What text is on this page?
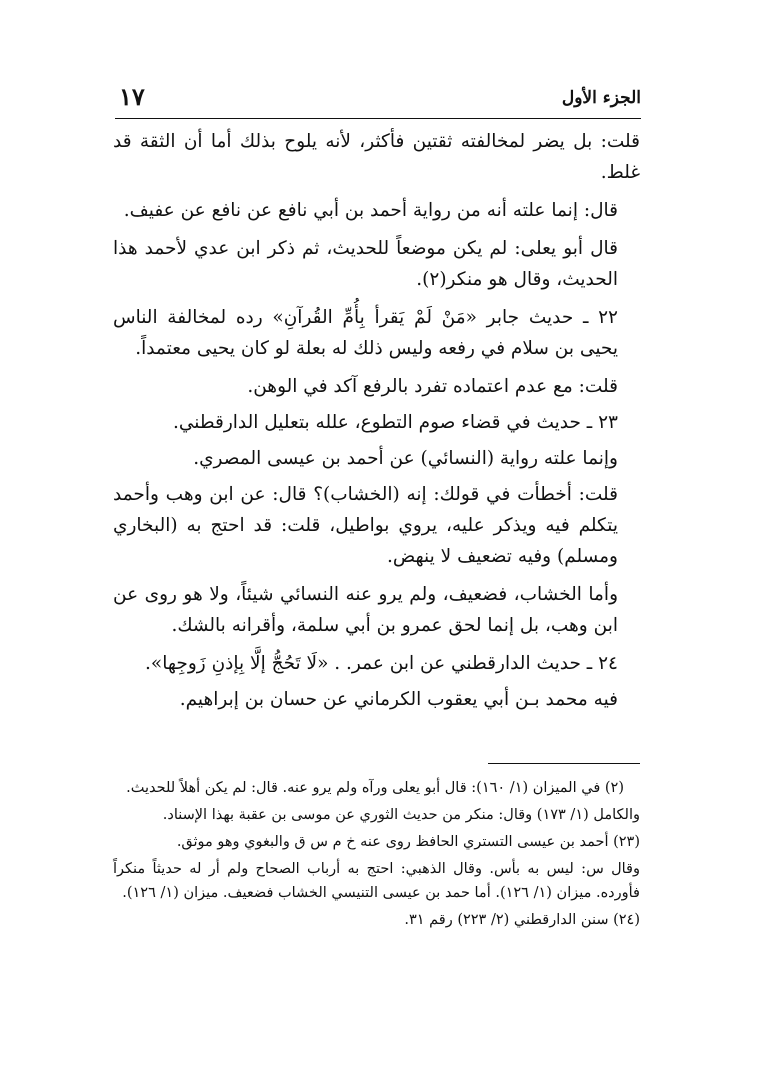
الجزء الأول
١٧

قلت: بل يضر لمخالفته ثقتين فأكثر، لأنه يلوح بذلك أما أن الثقة قد غلط.

قال: إنما علته أنه من رواية أحمد بن أبي نافع عن نافع عن عفيف.

قال أبو يعلى: لم يكن موضعاً للحديث، ثم ذكر ابن عدي لأحمد هذا الحديث، وقال هو منكر(٢).

٢٢ ـ حديث جابر «مَنْ لَمْ يَقرأ بِأُمِّ القُرآنِ» رده لمخالفة الناس يحيى بن سلام في رفعه وليس ذلك له بعلة لو كان يحيى معتمداً.

قلت: مع عدم اعتماده تفرد بالرفع آكد في الوهن.

٢٣ ـ حديث في قضاء صوم التطوع، علله بتعليل الدارقطني.

وإنما علته رواية (النسائي) عن أحمد بن عيسى المصري.

قلت: أخطأت في قولك: إنه (الخشاب)؟ قال: عن ابن وهب وأحمد يتكلم فيه ويذكر عليه، يروي بواطيل، قلت: قد احتج به (البخاري ومسلم) وفيه تضعيف لا ينهض.

وأما الخشاب، فضعيف، ولم يرو عنه النسائي شيئاً، ولا هو روى عن ابن وهب، بل إنما لحق عمرو بن أبي سلمة، وأقرانه بالشك.

٢٤ ـ حديث الدارقطني عن ابن عمر. . «لَا تَحُجُّ إلَّا بِإذنِ زَوجِها».

فيه محمد بـن أبي يعقوب الكرماني عن حسان بن إبراهيم.

(٢) في الميزان (١/ ١٦٠): قال أبو يعلى ورآه ولم يرو عنه. قال: لم يكن أهلاً للحديث.

والكامل (١/ ١٧٣) وقال: منكر من حديث الثوري عن موسى بن عقبة بهذا الإسناد.

(٢٣) أحمد بن عيسى التستري الحافظ روى عنه خ م س ق والبغوي وهو موثق.

وقال س: ليس به بأس. وقال الذهبي: احتج به أرباب الصحاح ولم أر له حديثاً منكراً فأورده. ميزان (١/ ١٢٦). أما حمد بن عيسى التنيسي الخشاب فضعيف. ميزان (١/ ١٢٦).

(٢٤) سنن الدارقطني (٢/ ٢٢٣) رقم ٣١.
